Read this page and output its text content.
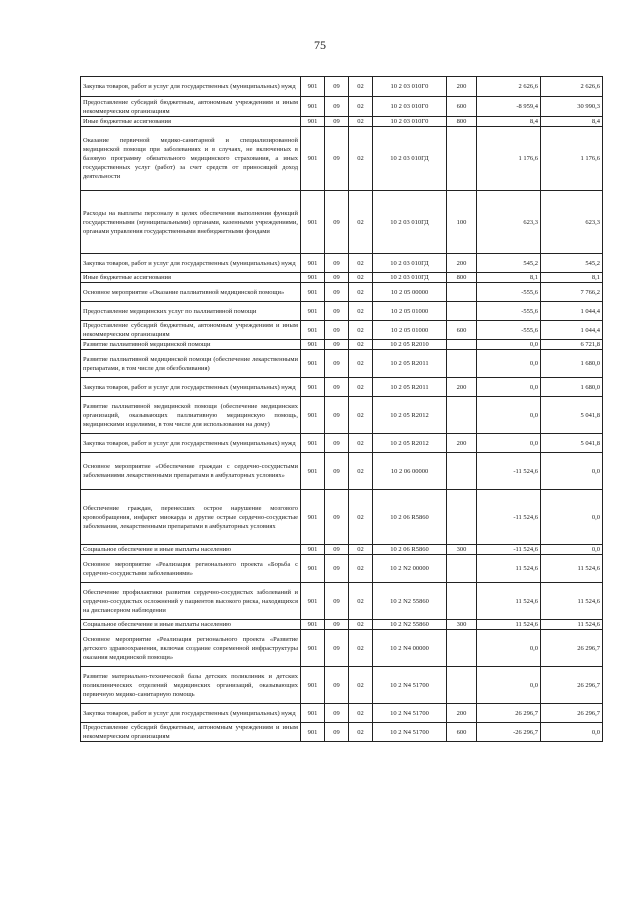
75
Закупка товаров, работ и услуг для государственных (муниципальных) нужд	901	09	02	10 2 03 010Г0	200	2 626,6	2 626,6
Предоставление субсидий бюджетным, автономным учреждениям и иным некоммерческим организациям	901	09	02	10 2 03 010Г0	600	-8 959,4	30 990,3
Иные бюджетные ассигнования	901	09	02	10 2 03 010Г0	800	8,4	8,4
Оказание первичной медико-санитарной и специализированной медицинской помощи при заболеваниях и в случаях, не включенных в базовую программу обязательного медицинского страхования, а иных государственных услуг (работ) за счет средств от приносящей доход деятельности	901	09	02	10 2 03 010ГД		1 176,6	1 176,6
Расходы на выплаты персоналу в целях обеспечения выполнения функций государственными (муниципальными) органами, казенными учреждениями, органами управления государственными внебюджетными фондами	901	09	02	10 2 03 010ГД	100	623,3	623,3
Закупка товаров, работ и услуг для государственных (муниципальных) нужд	901	09	02	10 2 03 010ГД	200	545,2	545,2
Иные бюджетные ассигнования	901	09	02	10 2 03 010ГД	800	8,1	8,1
Основное мероприятие «Оказание паллиативной медицинской помощи»	901	09	02	10 2 05 00000		-555,6	7 766,2
Предоставление медицинских услуг по паллиативной помощи	901	09	02	10 2 05 01000		-555,6	1 044,4
Предоставление субсидий бюджетным, автономным учреждениям и иным некоммерческим организациям	901	09	02	10 2 05 01000	600	-555,6	1 044,4
Развитие паллиативной медицинской помощи	901	09	02	10 2 05 R2010		0,0	6 721,8
Развитие паллиативной медицинской помощи (обеспечение лекарственными препаратами, в том числе для обезболивания)	901	09	02	10 2 05 R2011		0,0	1 680,0
Закупка товаров, работ и услуг для государственных (муниципальных) нужд	901	09	02	10 2 05 R2011	200	0,0	1 680,0
Развитие паллиативной медицинской помощи (обеспечение медицинских организаций, оказывающих паллиативную медицинскую помощь, медицинскими изделиями, в том числе для использования на дому)	901	09	02	10 2 05 R2012		0,0	5 041,8
Закупка товаров, работ и услуг для государственных (муниципальных) нужд	901	09	02	10 2 05 R2012	200	0,0	5 041,8
Основное мероприятие «Обеспечение граждан с сердечно-сосудистыми заболеваниями лекарственными препаратами в амбулаторных условиях»	901	09	02	10 2 06 00000		-11 524,6	0,0
Обеспечение граждан, перенесших острое нарушение мозгового кровообращения, инфаркт миокарда и другие острые сердечно-сосудистые заболевания, лекарственными препаратами в амбулаторных условиях	901	09	02	10 2 06 R5860		-11 524,6	0,0
Социальное обеспечение и иные выплаты населению	901	09	02	10 2 06 R5860	300	-11 524,6	0,0
Основное мероприятие «Реализация регионального проекта «Борьба с сердечно-сосудистыми заболеваниями»	901	09	02	10 2 N2 00000		11 524,6	11 524,6
Обеспечение профилактики развития сердечно-сосудистых заболеваний и сердечно-сосудистых осложнений у пациентов высокого риска, находящихся на диспансерном наблюдении	901	09	02	10 2 N2 55860		11 524,6	11 524,6
Социальное обеспечение и иные выплаты населению	901	09	02	10 2 N2 55860	300	11 524,6	11 524,6
Основное мероприятие «Реализация регионального проекта «Развитие детского здравоохранения, включая создание современной инфраструктуры оказания медицинской помощи»	901	09	02	10 2 N4 00000		0,0	26 296,7
Развитие материально-технической базы детских поликлиник и детских поликлинических отделений медицинских организаций, оказывающих первичную медико-санитарную помощь	901	09	02	10 2 N4 51700		0,0	26 296,7
Закупка товаров, работ и услуг для государственных (муниципальных) нужд	901	09	02	10 2 N4 51700	200	26 296,7	26 296,7
Предоставление субсидий бюджетным, автономным учреждениям и иным некоммерческим организациям	901	09	02	10 2 N4 51700	600	-26 296,7	0,0
